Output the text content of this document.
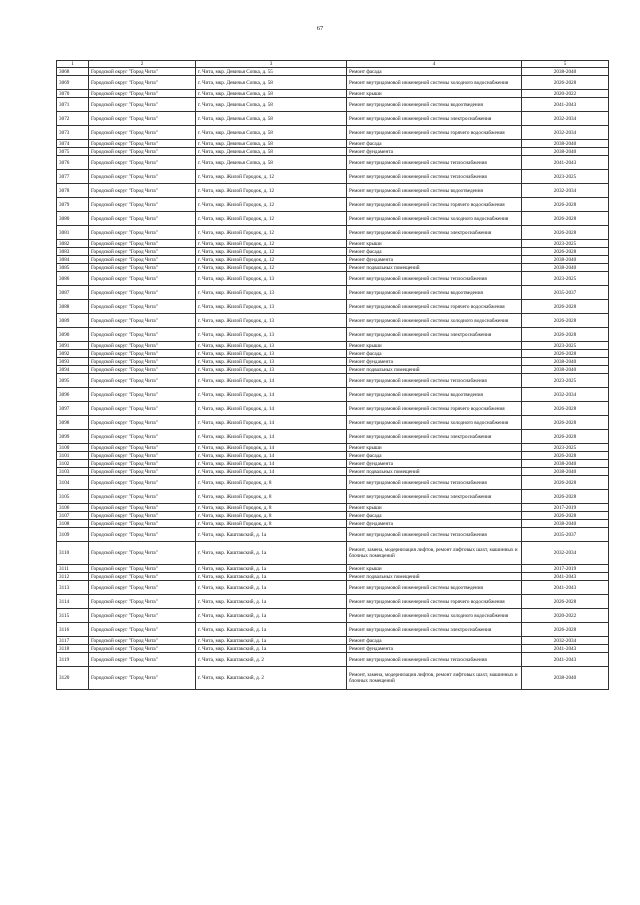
67
1	2	3	4	5
3068	Городской округ "Город Чита"	г. Чита, мкр. Девичья Сопка, д. 55	Ремонт фасада	2038-2040
3069	Городской округ "Город Чита"	г. Чита, мкр. Девичья Сопка, д. 58	Ремонт внутридомовой инженерной системы холодного водоснабжения	2026-2028
3070	Городской округ "Город Чита"	г. Чита, мкр. Девичья Сопка, д. 58	Ремонт крыши	2020-2022
3071	Городской округ "Город Чита"	г. Чита, мкр. Девичья Сопка, д. 58	Ремонт внутридомовой инженерной системы водоотведения	2041-2043
3072	Городской округ "Город Чита"	г. Чита, мкр. Девичья Сопка, д. 58	Ремонт внутридомовой инженерной системы электроснабжения	2032-2034
3073	Городской округ "Город Чита"	г. Чита, мкр. Девичья Сопка, д. 58	Ремонт внутридомовой инженерной системы горячего водоснабжения	2032-2034
3074	Городской округ "Город Чита"	г. Чита, мкр. Девичья Сопка, д. 58	Ремонт фасада	2038-2040
3075	Городской округ "Город Чита"	г. Чита, мкр. Девичья Сопка, д. 58	Ремонт фундамента	2038-2040
3076	Городской округ "Город Чита"	г. Чита, мкр. Девичья Сопка, д. 58	Ремонт внутридомовой инженерной системы теплоснабжения	2041-2043
3077	Городской округ "Город Чита"	г. Чита, мкр. Жилой Городок, д. 12	Ремонт внутридомовой инженерной системы теплоснабжения	2023-2025
3078	Городской округ "Город Чита"	г. Чита, мкр. Жилой Городок, д. 12	Ремонт внутридомовой инженерной системы водоотведения	2032-2034
3079	Городской округ "Город Чита"	г. Чита, мкр. Жилой Городок, д. 12	Ремонт внутридомовой инженерной системы горячего водоснабжения	2026-2028
3080	Городской округ "Город Чита"	г. Чита, мкр. Жилой Городок, д. 12	Ремонт внутридомовой инженерной системы холодного водоснабжения	2026-2028
3081	Городской округ "Город Чита"	г. Чита, мкр. Жилой Городок, д. 12	Ремонт внутридомовой инженерной системы электроснабжения	2026-2028
3082	Городской округ "Город Чита"	г. Чита, мкр. Жилой Городок, д. 12	Ремонт крыши	2023-2025
3083	Городской округ "Город Чита"	г. Чита, мкр. Жилой Городок, д. 12	Ремонт фасада	2026-2028
3084	Городской округ "Город Чита"	г. Чита, мкр. Жилой Городок, д. 12	Ремонт фундамента	2038-2040
3085	Городской округ "Город Чита"	г. Чита, мкр. Жилой Городок, д. 12	Ремонт подвальных помещений	2038-2040
3086	Городской округ "Город Чита"	г. Чита, мкр. Жилой Городок, д. 13	Ремонт внутридомовой инженерной системы теплоснабжения	2023-2025
3087	Городской округ "Город Чита"	г. Чита, мкр. Жилой Городок, д. 13	Ремонт внутридомовой инженерной системы водоотведения	2035-2037
3088	Городской округ "Город Чита"	г. Чита, мкр. Жилой Городок, д. 13	Ремонт внутридомовой инженерной системы горячего водоснабжения	2026-2028
3089	Городской округ "Город Чита"	г. Чита, мкр. Жилой Городок, д. 13	Ремонт внутридомовой инженерной системы холодного водоснабжения	2026-2028
3090	Городской округ "Город Чита"	г. Чита, мкр. Жилой Городок, д. 13	Ремонт внутридомовой инженерной системы электроснабжения	2026-2028
3091	Городской округ "Город Чита"	г. Чита, мкр. Жилой Городок, д. 13	Ремонт крыши	2023-2025
3092	Городской округ "Город Чита"	г. Чита, мкр. Жилой Городок, д. 13	Ремонт фасада	2026-2028
3093	Городской округ "Город Чита"	г. Чита, мкр. Жилой Городок, д. 13	Ремонт фундамента	2038-2040
3094	Городской округ "Город Чита"	г. Чита, мкр. Жилой Городок, д. 13	Ремонт подвальных помещений	2038-2040
3095	Городской округ "Город Чита"	г. Чита, мкр. Жилой Городок, д. 14	Ремонт внутридомовой инженерной системы теплоснабжения	2023-2025
3096	Городской округ "Город Чита"	г. Чита, мкр. Жилой Городок, д. 14	Ремонт внутридомовой инженерной системы водоотведения	2032-2034
3097	Городской округ "Город Чита"	г. Чита, мкр. Жилой Городок, д. 14	Ремонт внутридомовой инженерной системы горячего водоснабжения	2026-2028
3098	Городской округ "Город Чита"	г. Чита, мкр. Жилой Городок, д. 14	Ремонт внутридомовой инженерной системы холодного водоснабжения	2026-2028
3099	Городской округ "Город Чита"	г. Чита, мкр. Жилой Городок, д. 14	Ремонт внутридомовой инженерной системы электроснабжения	2026-2028
3100	Городской округ "Город Чита"	г. Чита, мкр. Жилой Городок, д. 14	Ремонт крыши	2023-2025
3101	Городской округ "Город Чита"	г. Чита, мкр. Жилой Городок, д. 14	Ремонт фасада	2026-2028
3102	Городской округ "Город Чита"	г. Чита, мкр. Жилой Городок, д. 14	Ремонт фундамента	2038-2040
3103	Городской округ "Город Чита"	г. Чита, мкр. Жилой Городок, д. 14	Ремонт подвальных помещений	2038-2040
3104	Городской округ "Город Чита"	г. Чита, мкр. Жилой Городок, д. 8	Ремонт внутридомовой инженерной системы теплоснабжения	2026-2028
3105	Городской округ "Город Чита"	г. Чита, мкр. Жилой Городок, д. 8	Ремонт внутридомовой инженерной системы электроснабжения	2026-2028
3106	Городской округ "Город Чита"	г. Чита, мкр. Жилой Городок, д. 8	Ремонт крыши	2017-2019
3107	Городской округ "Город Чита"	г. Чита, мкр. Жилой Городок, д. 8	Ремонт фасада	2026-2028
3108	Городской округ "Город Чита"	г. Чита, мкр. Жилой Городок, д. 8	Ремонт фундамента	2038-2040
3109	Городской округ "Город Чита"	г. Чита, мкр. Каштакский, д. 1а	Ремонт внутридомовой инженерной системы теплоснабжения	2035-2037
3110	Городской округ "Город Чита"	г. Чита, мкр. Каштакский, д. 1а	Ремонт, замена, модернизация лифтов, ремонт лифтовых шахт, машинных и блочных помещений	2032-2034
3111	Городской округ "Город Чита"	г. Чита, мкр. Каштакский, д. 1а	Ремонт крыши	2017-2019
3112	Городской округ "Город Чита"	г. Чита, мкр. Каштакский, д. 1а	Ремонт подвальных помещений	2041-2043
3113	Городской округ "Город Чита"	г. Чита, мкр. Каштакский, д. 1а	Ремонт внутридомовой инженерной системы водоотведения	2041-2043
3114	Городской округ "Город Чита"	г. Чита, мкр. Каштакский, д. 1а	Ремонт внутридомовой инженерной системы горячего водоснабжения	2026-2028
3115	Городской округ "Город Чита"	г. Чита, мкр. Каштакский, д. 1а	Ремонт внутридомовой инженерной системы холодного водоснабжения	2020-2022
3116	Городской округ "Город Чита"	г. Чита, мкр. Каштакский, д. 1а	Ремонт внутридомовой инженерной системы электроснабжения	2026-2028
3117	Городской округ "Город Чита"	г. Чита, мкр. Каштакский, д. 1а	Ремонт фасада	2032-2034
3118	Городской округ "Город Чита"	г. Чита, мкр. Каштакский, д. 1а	Ремонт фундамента	2041-2043
3119	Городской округ "Город Чита"	г. Чита, мкр. Каштакский, д. 2	Ремонт внутридомовой инженерной системы теплоснабжения	2041-2043
3120	Городской округ "Город Чита"	г. Чита, мкр. Каштакский, д. 2	Ремонт, замена, модернизация лифтов, ремонт лифтовых шахт, машинных и блочных помещений	2038-2040
